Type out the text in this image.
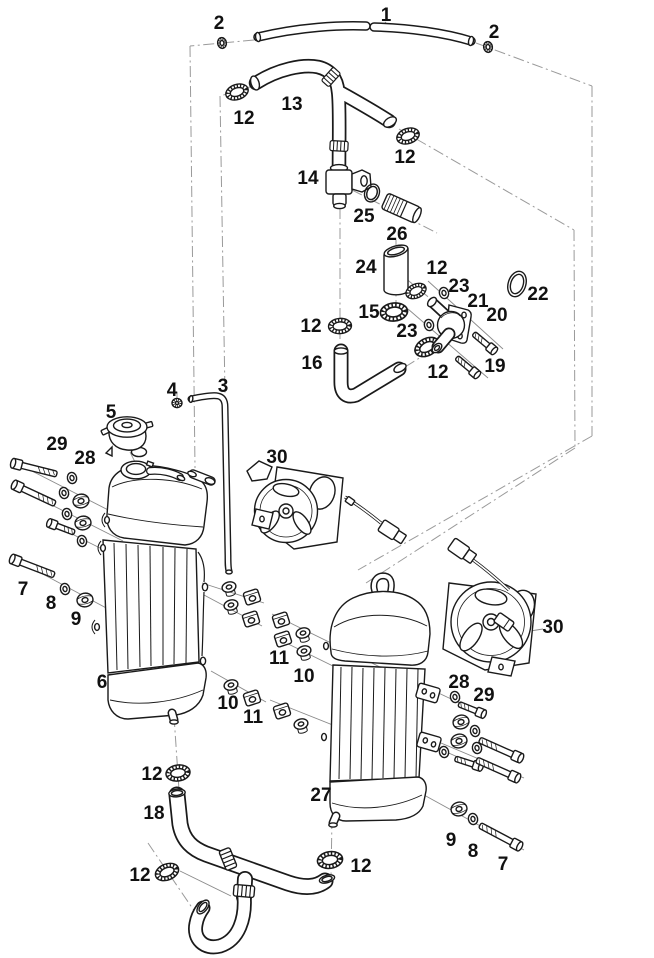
1
2	2
12
13
12
14
25
26
24	12
23
21 22
20
15
12	23
16	12 19
4 3
5
29
28	30
7
8
9
6
10
11
11
10
30
28
29
12
18
27
12
12
9
8
7
